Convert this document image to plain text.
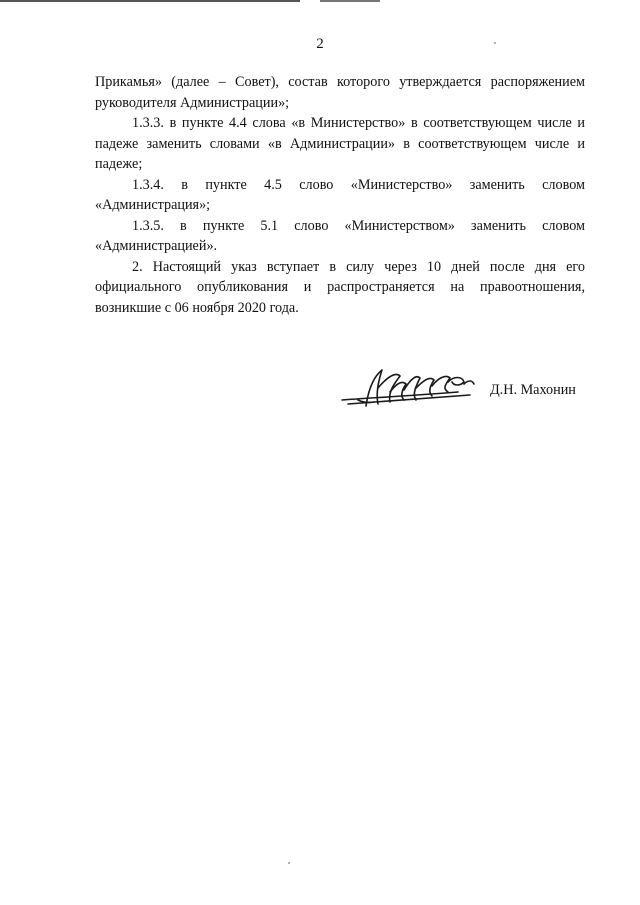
2

Прикамья» (далее – Совет), состав которого утверждается распоряжением руководителя Администрации»;

1.3.3. в пункте 4.4 слова «в Министерство» в соответствующем числе и падеже заменить словами «в Администрации» в соответствующем числе и падеже;

1.3.4. в пункте 4.5 слово «Министерство» заменить словом «Администрация»;

1.3.5. в пункте 5.1 слово «Министерством» заменить словом «Администрацией».

2. Настоящий указ вступает в силу через 10 дней после дня его официального опубликования и распространяется на правоотношения, возникшие с 06 ноября 2020 года.

Д.Н. Махонин
